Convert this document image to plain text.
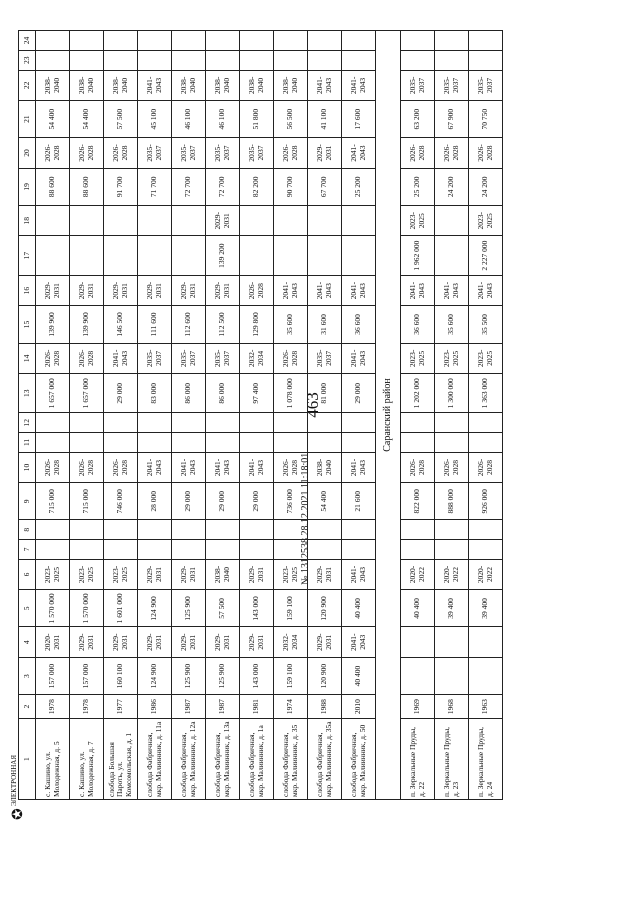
463
№ 1312538 28.12.2021 11:18:01
1	2	3	4	5	6	7	8	9	10	11	12	13	14	15	16	17	18	19	20	21	22	23	24
с. Кашино, ул. Молодежная, д. 5	1978	157 000	2020-2031	1 570 000	2023-2025			715 000	2026-2028			1 657 000	2026-2028	139 900	2029-2031			88 600	2026-2028	54 400	2038-2040		
с. Кашино, ул. Молодежная, д. 7	1978	157 000	2029-2031	1 570 000	2023-2025			715 000	2026-2028			1 657 000	2026-2028	139 900	2029-2031			88 600	2026-2028	54 400	2038-2040		
слобода Большая Пароть, ул. Комсомольская, д. 1	1977	160 100	2029-2031	1 601 000	2023-2025			746 000	2026-2028			29 000	2041-2043	146 500	2029-2031			91 700	2026-2028	57 500	2038-2040		
слобода Фабричная, мкр. Малиинник, д. 11а	1986	124 900	2029-2031	124 900	2029-2031			28 000	2041-2043			83 000	2035-2037	111 600	2029-2031			71 700	2035-2037	45 100	2041-2043		
слобода Фабричная, мкр. Малиинник, д. 12а	1987	125 900	2029-2031	125 900	2029-2031			29 000	2041-2043			86 000	2035-2037	112 600	2029-2031			72 700	2035-2037	46 100	2038-2040		
слобода Фабричная, мкр. Малиинник, д. 13а	1987	125 900	2029-2031	57 500	2038-2040			29 000	2041-2043			86 000	2035-2037	112 500	2029-2031	139 200	2029-2031	72 700	2035-2037	46 100	2038-2040		
слобода Фабричная, мкр. Малиинник, д. 1а	1981	143 000	2029-2031	143 000	2029-2031			29 000	2041-2043			97 400	2032-2034	129 800	2026-2028			82 200	2035-2037	51 800	2038-2040		
слобода Фабричная, мкр. Малиинник, д. 35	1974	159 100	2032-2034	159 100	2023-2025			736 000	2026-2028			1 078 000	2026-2028	35 600	2041-2043			90 700	2026-2028	56 500	2038-2040		
слобода Фабричная, мкр. Малиинник, д. 35а	1988	120 900	2029-2031	120 900	2029-2031			54 400	2038-2040			81 000	2035-2037	31 600	2041-2043			67 700	2029-2031	41 100	2041-2043		
слобода Фабричная, мкр. Малиинник, д. 50	2010	40 400	2041-2043	40 400	2041-2043			21 600	2041-2043			29 000	2041-2043	36 600	2041-2043			25 200	2041-2043	17 600	2041-2043		
Саранский район																							
п. Зеркальные Пруды, д. 22	1969			40 400	2020-2022			822 000	2026-2028			1 202 000	2023-2025	36 600	2041-2043	1 962 000	2023-2025	25 200	2026-2028	63 200	2035-2037		
п. Зеркальные Пруды, д. 23	1968			39 400	2020-2022			888 000	2026-2028			1 300 000	2023-2025	35 600	2041-2043			24 200	2026-2028	67 900	2035-2037		
п. Зеркальные Пруды, д. 24	1963			39 400	2020-2022			926 000	2026-2028			1 363 000	2023-2025	35 500	2041-2043	2 227 000	2023-2025	24 200	2026-2028	70 750	2035-2037		
✪
ЭЛЕКТРОННАЯ
